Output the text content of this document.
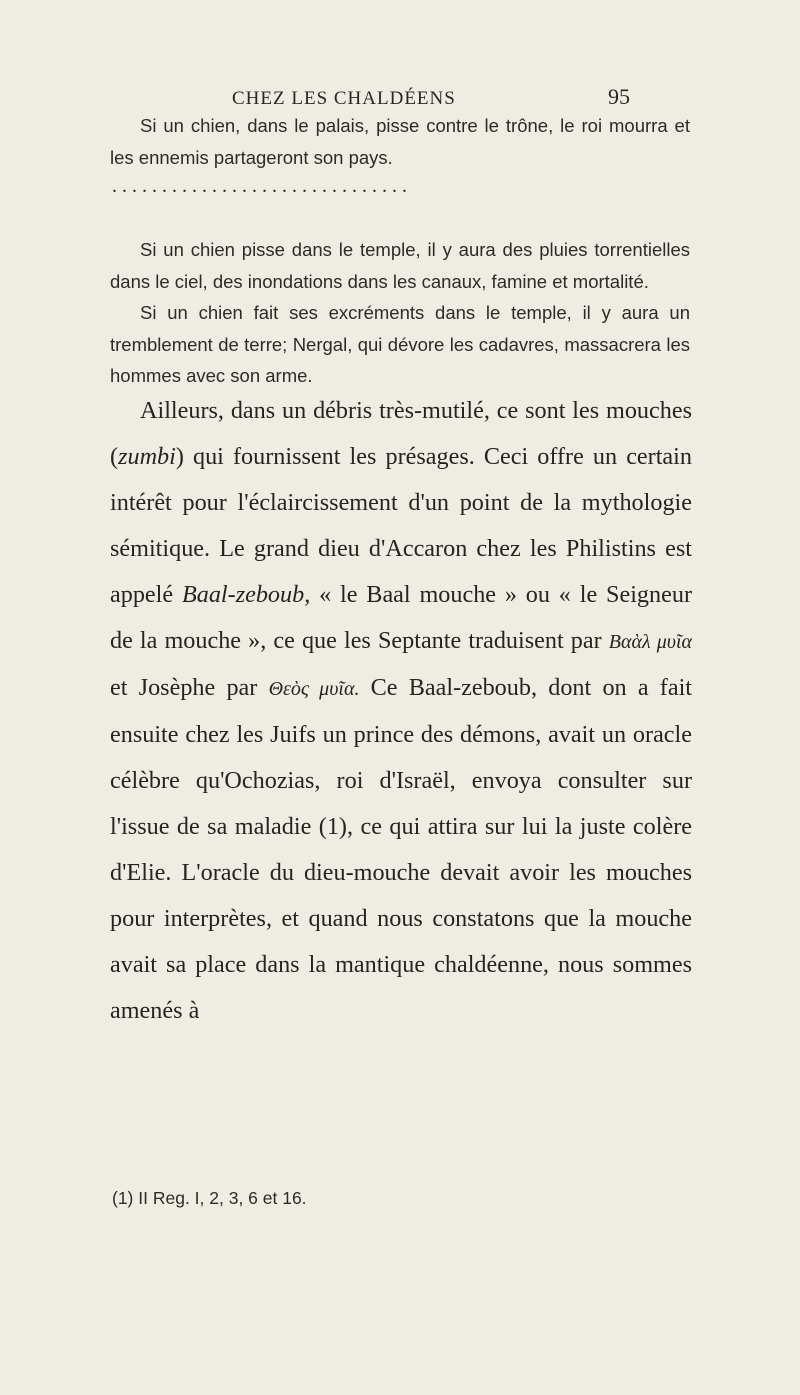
CHEZ LES CHALDÉENS	95

Si un chien, dans le palais, pisse contre le trône, le roi mourra et les ennemis partageront son pays.

..............................

Si un chien pisse dans le temple, il y aura des pluies torrentielles dans le ciel, des inondations dans les canaux, famine et mortalité.

Si un chien fait ses excréments dans le temple, il y aura un tremblement de terre; Nergal, qui dévore les cadavres, massacrera les hommes avec son arme.

Ailleurs, dans un débris très-mutilé, ce sont les mouches (zumbi) qui fournissent les présages. Ceci offre un certain intérêt pour l'éclaircissement d'un point de la mythologie sémitique. Le grand dieu d'Accaron chez les Philistins est appelé Baal-zeboub, « le Baal mouche » ou « le Seigneur de la mouche », ce que les Septante traduisent par Βαὰλ μυῖα et Josèphe par Θεὸς μυῖα. Ce Baal-zeboub, dont on a fait ensuite chez les Juifs un prince des démons, avait un oracle célèbre qu'Ochozias, roi d'Israël, envoya consulter sur l'issue de sa maladie (1), ce qui attira sur lui la juste colère d'Elie. L'oracle du dieu-mouche devait avoir les mouches pour interprètes, et quand nous constatons que la mouche avait sa place dans la mantique chaldéenne, nous sommes amenés à

(1) II Reg. I, 2, 3, 6 et 16.
